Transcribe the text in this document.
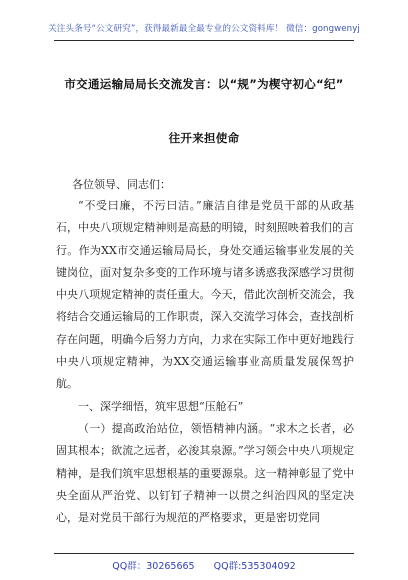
关注头条号“公文研究”，获得最新最全最专业的公文资料库！ 微信：gongwenyj
市交通运输局局长交流发言：以“规”为楔守初心“纪”
往开来担使命
各位领导、同志们：

“不受曰廉，不污曰洁。”廉洁自律是党员干部的从政基石，中央八项规定精神则是高悬的明镜，时刻照映着我们的言行。作为XX市交通运输局局长，身处交通运输事业发展的关键岗位，面对复杂多变的工作环境与诸多诱惑我深感学习贯彻中央八项规定精神的责任重大。今天，借此次剖析交流会，我将结合交通运输局的工作职责，深入交流学习体会，查找剖析存在问题，明确今后努力方向，力求在实际工作中更好地践行中央八项规定精神，为XX交通运输事业高质量发展保驾护航。

一、深学细悟，筑牢思想“压舱石”

（一）提高政治站位，领悟精神内涵。“求木之长者，必固其根本；欲流之远者，必浚其泉源。”学习领会中央八项规定精神，是我们筑牢思想根基的重要源泉。这一精神彰显了党中央全面从严治党、以钉钉子精神一以贯之纠治四风的坚定决心，是对党员干部行为规范的严格要求，更是密切党同

QQ群：30265665 QQ群:535304092
